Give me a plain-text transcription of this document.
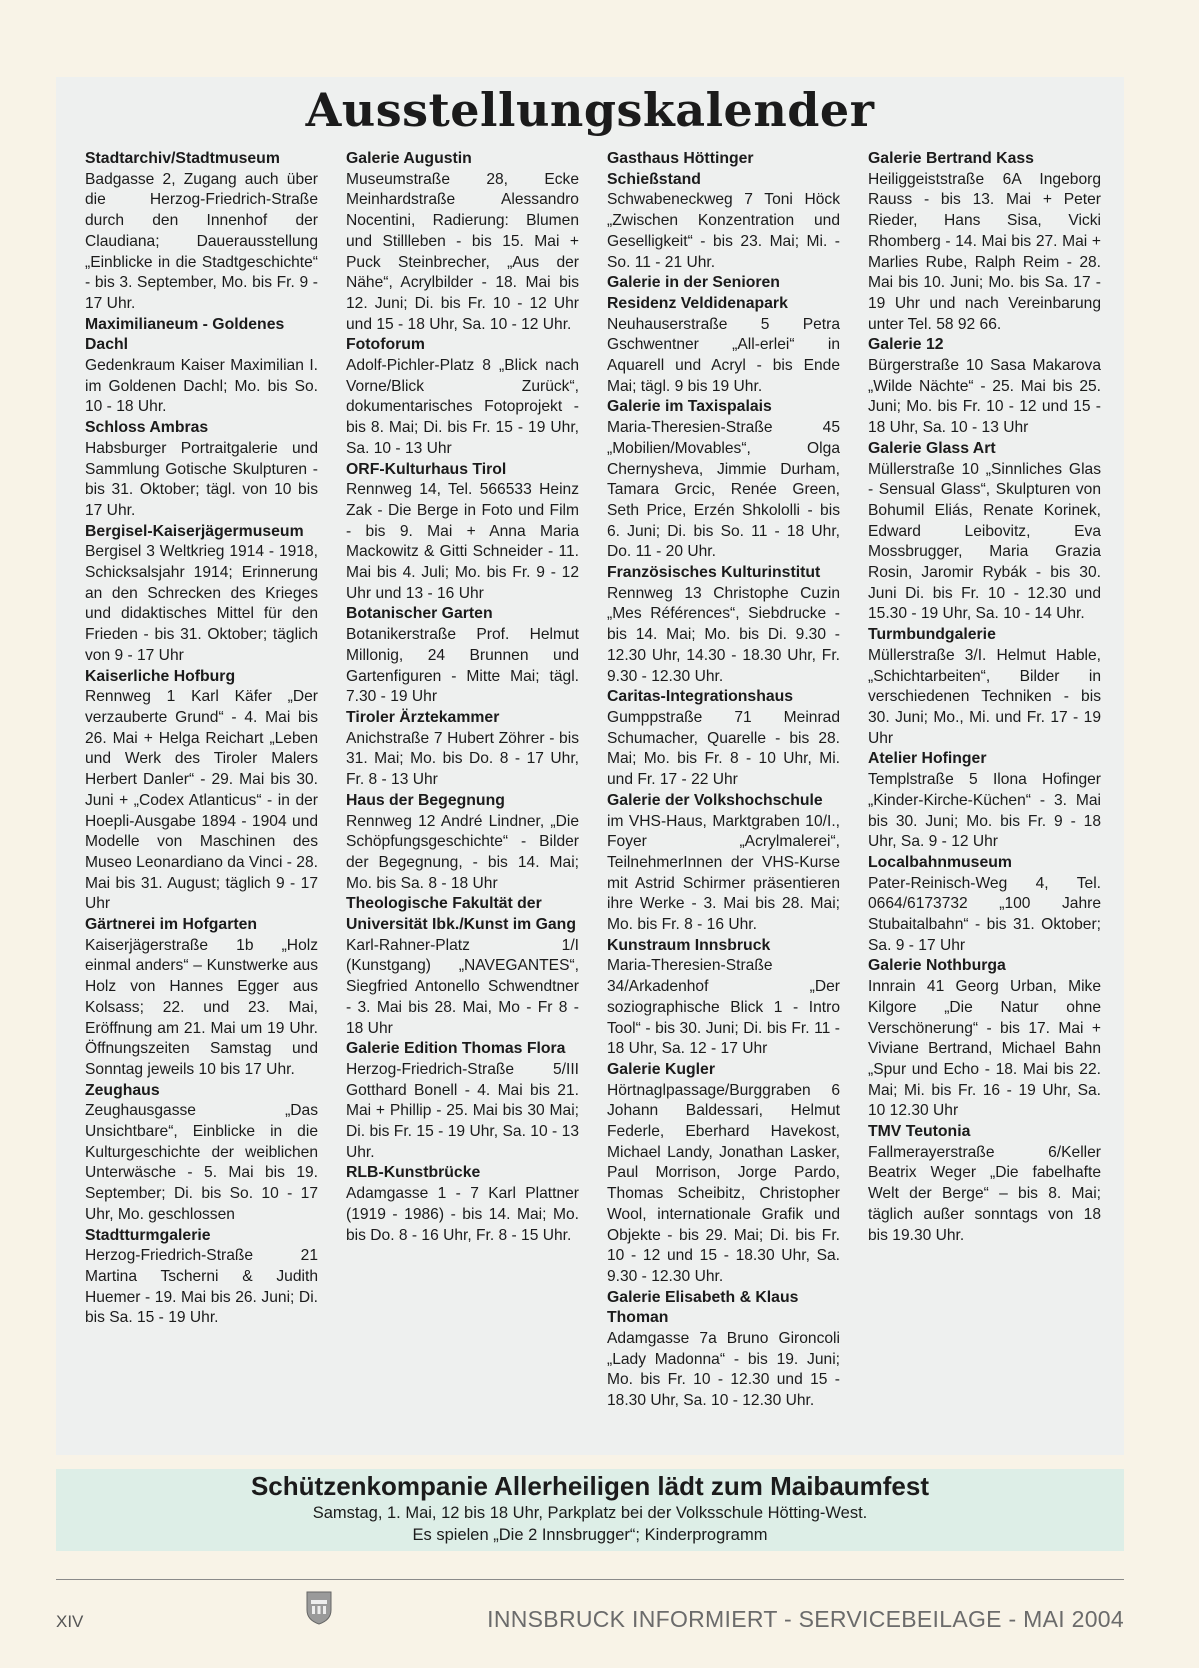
Ausstellungskalender
Stadtarchiv/Stadtmuseum

Badgasse 2, Zugang auch über die Herzog-Friedrich-Straße durch den Innenhof der Claudiana; Dauerausstellung „Einblicke in die Stadtgeschichte“ - bis 3. September, Mo. bis Fr. 9 - 17 Uhr.

Maximilianeum - Goldenes Dachl

Gedenkraum Kaiser Maximilian I. im Goldenen Dachl; Mo. bis So. 10 - 18 Uhr.

Schloss Ambras

Habsburger Portraitgalerie und Sammlung Gotische Skulpturen - bis 31. Oktober; tägl. von 10 bis 17 Uhr.

Bergisel-Kaiserjägermuseum

Bergisel 3 Weltkrieg 1914 - 1918, Schicksalsjahr 1914; Erinnerung an den Schrecken des Krieges und didaktisches Mittel für den Frieden - bis 31. Oktober; täglich von 9 - 17 Uhr

Kaiserliche Hofburg

Rennweg 1 Karl Käfer „Der verzauberte Grund“ - 4. Mai bis 26. Mai + Helga Reichart „Leben und Werk des Tiroler Malers Herbert Danler“ - 29. Mai bis 30. Juni + „Codex Atlanticus“ - in der Hoepli-Ausgabe 1894 - 1904 und Modelle von Maschinen des Museo Leonardiano da Vinci - 28. Mai bis 31. August; täglich 9 - 17 Uhr

Gärtnerei im Hofgarten

Kaiserjägerstraße 1b „Holz einmal anders“ – Kunstwerke aus Holz von Hannes Egger aus Kolsass; 22. und 23. Mai, Eröffnung am 21. Mai um 19 Uhr. Öffnungszeiten Samstag und Sonntag jeweils 10 bis 17 Uhr.

Zeughaus

Zeughausgasse „Das Unsichtbare“, Einblicke in die Kulturgeschichte der weiblichen Unterwäsche - 5. Mai bis 19. September; Di. bis So. 10 - 17 Uhr, Mo. geschlossen

Stadtturmgalerie

Herzog-Friedrich-Straße 21 Martina Tscherni & Judith Huemer - 19. Mai bis 26. Juni; Di. bis Sa. 15 - 19 Uhr.

Galerie Augustin

Museumstraße 28, Ecke Meinhardstraße Alessandro Nocentini, Radierung: Blumen und Stillleben - bis 15. Mai + Puck Steinbrecher, „Aus der Nähe“, Acrylbilder - 18. Mai bis 12. Juni; Di. bis Fr. 10 - 12 Uhr und 15 - 18 Uhr, Sa. 10 - 12 Uhr.

Fotoforum

Adolf-Pichler-Platz 8 „Blick nach Vorne/Blick Zurück“, dokumentarisches Fotoprojekt - bis 8. Mai; Di. bis Fr. 15 - 19 Uhr, Sa. 10 - 13 Uhr

ORF-Kulturhaus Tirol

Rennweg 14, Tel. 566533 Heinz Zak - Die Berge in Foto und Film - bis 9. Mai + Anna Maria Mackowitz & Gitti Schneider - 11. Mai bis 4. Juli; Mo. bis Fr. 9 - 12 Uhr und 13 - 16 Uhr

Botanischer Garten

Botanikerstraße Prof. Helmut Millonig, 24 Brunnen und Gartenfiguren - Mitte Mai; tägl. 7.30 - 19 Uhr

Tiroler Ärztekammer

Anichstraße 7 Hubert Zöhrer - bis 31. Mai; Mo. bis Do. 8 - 17 Uhr, Fr. 8 - 13 Uhr

Haus der Begegnung

Rennweg 12 André Lindner, „Die Schöpfungsgeschichte“ - Bilder der Begegnung, - bis 14. Mai; Mo. bis Sa. 8 - 18 Uhr

Theologische Fakultät der Universität Ibk./Kunst im Gang

Karl-Rahner-Platz 1/I (Kunstgang) „NAVEGANTES“, Siegfried Antonello Schwendtner - 3. Mai bis 28. Mai, Mo - Fr 8 - 18 Uhr

Galerie Edition Thomas Flora

Herzog-Friedrich-Straße 5/III Gotthard Bonell - 4. Mai bis 21. Mai + Phillip - 25. Mai bis 30 Mai; Di. bis Fr. 15 - 19 Uhr, Sa. 10 - 13 Uhr.

RLB-Kunstbrücke

Adamgasse 1 - 7 Karl Plattner (1919 - 1986) - bis 14. Mai; Mo. bis Do. 8 - 16 Uhr, Fr. 8 - 15 Uhr.

Gasthaus Höttinger Schießstand

Schwabeneckweg 7 Toni Höck „Zwischen Konzentration und Geselligkeit“ - bis 23. Mai; Mi. - So. 11 - 21 Uhr.

Galerie in der Senioren Residenz Veldidenapark

Neuhauserstraße 5 Petra Gschwentner „All-erlei“ in Aquarell und Acryl - bis Ende Mai; tägl. 9 bis 19 Uhr.

Galerie im Taxispalais

Maria-Theresien-Straße 45 „Mobilien/Movables“, Olga Chernysheva, Jimmie Durham, Tamara Grcic, Renée Green, Seth Price, Erzén Shkololli - bis 6. Juni; Di. bis So. 11 - 18 Uhr, Do. 11 - 20 Uhr.

Französisches Kulturinstitut

Rennweg 13 Christophe Cuzin „Mes Références“, Siebdrucke - bis 14. Mai; Mo. bis Di. 9.30 - 12.30 Uhr, 14.30 - 18.30 Uhr, Fr. 9.30 - 12.30 Uhr.

Caritas-Integrationshaus

Gumppstraße 71 Meinrad Schumacher, Quarelle - bis 28. Mai; Mo. bis Fr. 8 - 10 Uhr, Mi. und Fr. 17 - 22 Uhr

Galerie der Volkshochschule

im VHS-Haus, Marktgraben 10/I., Foyer „Acrylmalerei“, TeilnehmerInnen der VHS-Kurse mit Astrid Schirmer präsentieren ihre Werke - 3. Mai bis 28. Mai; Mo. bis Fr. 8 - 16 Uhr.

Kunstraum Innsbruck

Maria-Theresien-Straße 34/Arkadenhof „Der soziographische Blick 1 - Intro Tool“ - bis 30. Juni; Di. bis Fr. 11 - 18 Uhr, Sa. 12 - 17 Uhr

Galerie Kugler

Hörtnaglpassage/Burggraben 6 Johann Baldessari, Helmut Federle, Eberhard Havekost, Michael Landy, Jonathan Lasker, Paul Morrison, Jorge Pardo, Thomas Scheibitz, Christopher Wool, internationale Grafik und Objekte - bis 29. Mai; Di. bis Fr. 10 - 12 und 15 - 18.30 Uhr, Sa. 9.30 - 12.30 Uhr.

Galerie Elisabeth & Klaus Thoman

Adamgasse 7a Bruno Gironcoli „Lady Madonna“ - bis 19. Juni; Mo. bis Fr. 10 - 12.30 und 15 - 18.30 Uhr, Sa. 10 - 12.30 Uhr.

Galerie Bertrand Kass

Heiliggeiststraße 6A Ingeborg Rauss - bis 13. Mai + Peter Rieder, Hans Sisa, Vicki Rhomberg - 14. Mai bis 27. Mai + Marlies Rube, Ralph Reim - 28. Mai bis 10. Juni; Mo. bis Sa. 17 - 19 Uhr und nach Vereinbarung unter Tel. 58 92 66.

Galerie 12

Bürgerstraße 10 Sasa Makarova „Wilde Nächte“ - 25. Mai bis 25. Juni; Mo. bis Fr. 10 - 12 und 15 - 18 Uhr, Sa. 10 - 13 Uhr

Galerie Glass Art

Müllerstraße 10 „Sinnliches Glas - Sensual Glass“, Skulpturen von Bohumil Eliás, Renate Korinek, Edward Leibovitz, Eva Mossbrugger, Maria Grazia Rosin, Jaromir Rybák - bis 30. Juni Di. bis Fr. 10 - 12.30 und 15.30 - 19 Uhr, Sa. 10 - 14 Uhr.

Turmbundgalerie

Müllerstraße 3/I. Helmut Hable, „Schichtarbeiten“, Bilder in verschiedenen Techniken - bis 30. Juni; Mo., Mi. und Fr. 17 - 19 Uhr

Atelier Hofinger

Templstraße 5 Ilona Hofinger „Kinder-Kirche-Küchen“ - 3. Mai bis 30. Juni; Mo. bis Fr. 9 - 18 Uhr, Sa. 9 - 12 Uhr

Localbahnmuseum

Pater-Reinisch-Weg 4, Tel. 0664/6173732 „100 Jahre Stubaitalbahn“ - bis 31. Oktober; Sa. 9 - 17 Uhr

Galerie Nothburga

Innrain 41 Georg Urban, Mike Kilgore „Die Natur ohne Verschönerung“ - bis 17. Mai + Viviane Bertrand, Michael Bahn „Spur und Echo - 18. Mai bis 22. Mai; Mi. bis Fr. 16 - 19 Uhr, Sa. 10 12.30 Uhr

TMV Teutonia

Fallmerayerstraße 6/Keller Beatrix Weger „Die fabelhafte Welt der Berge“ – bis 8. Mai; täglich außer sonntags von 18 bis 19.30 Uhr.

Schützenkompanie Allerheiligen lädt zum Maibaumfest

Samstag, 1. Mai, 12 bis 18 Uhr, Parkplatz bei der Volksschule Hötting-West.

Es spielen „Die 2 Innsbrugger“; Kinderprogramm

XIV	INNSBRUCK INFORMIERT - SERVICEBEILAGE - MAI 2004
